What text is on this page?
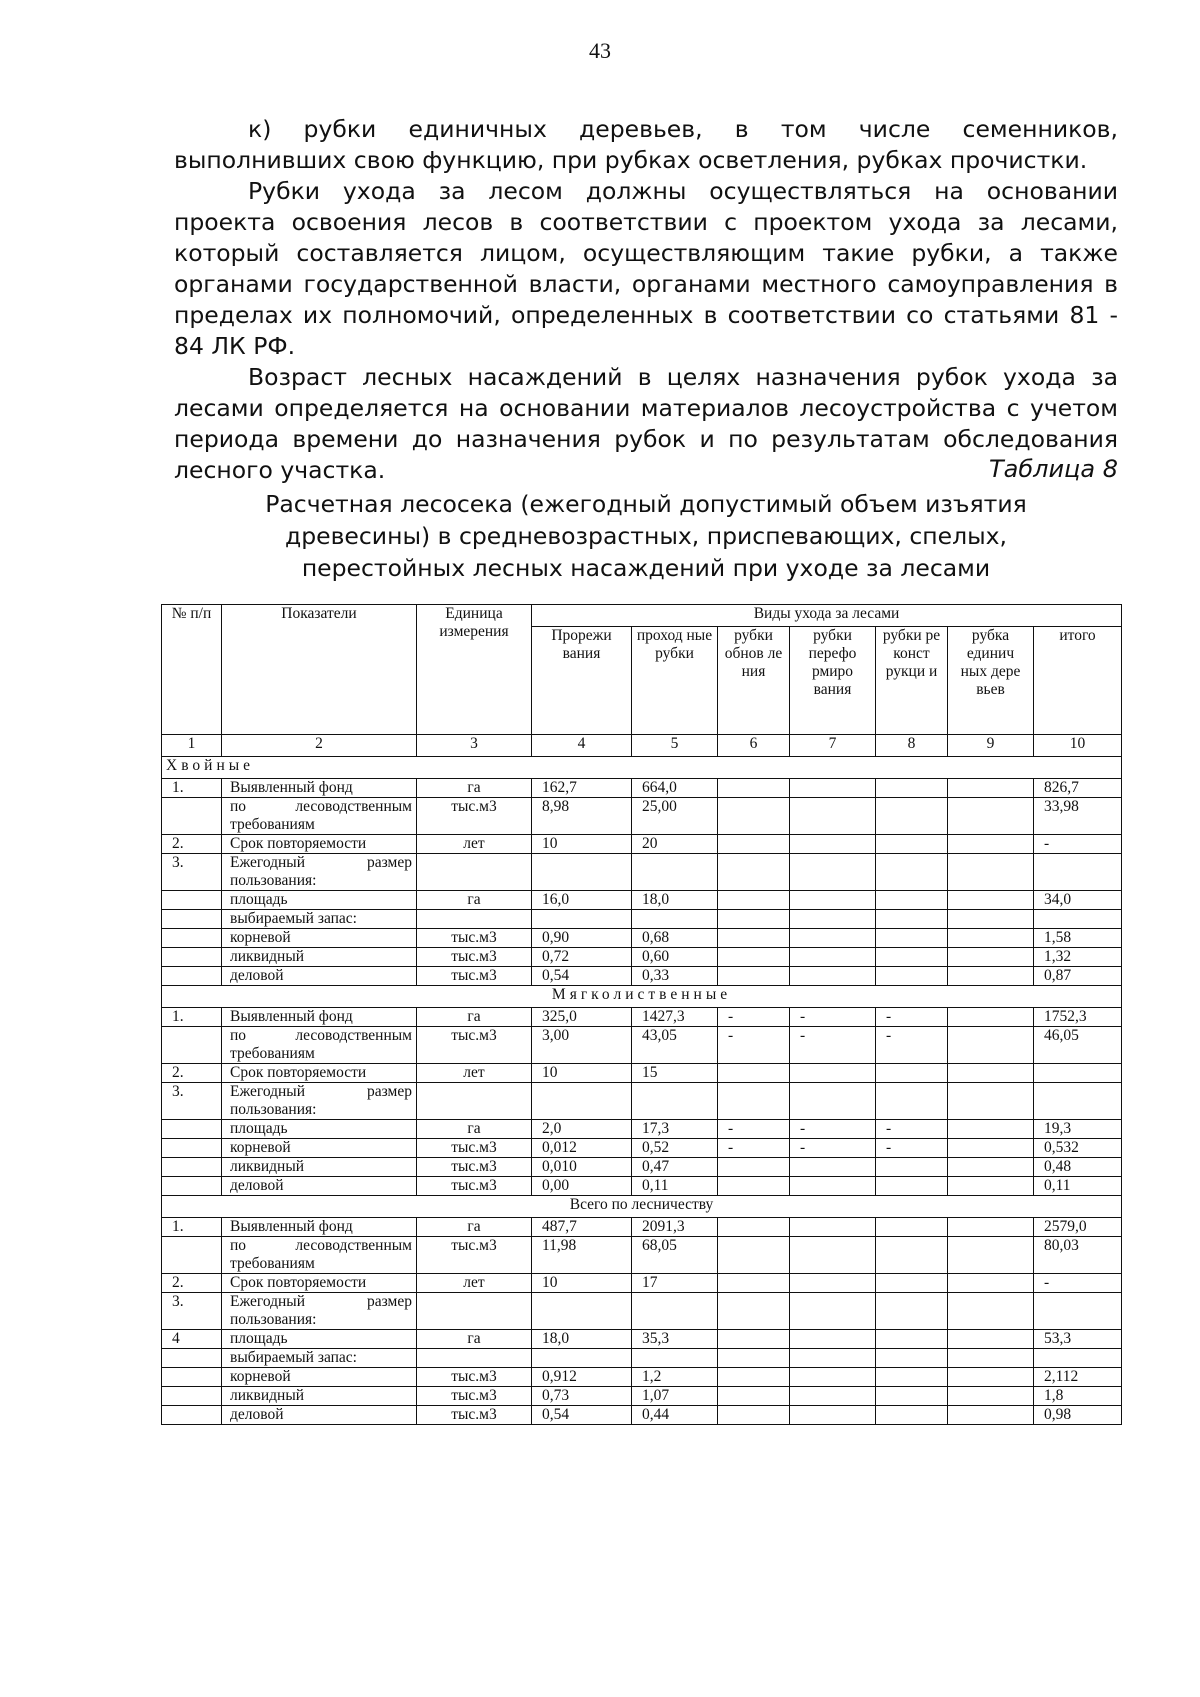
43

к) рубки единичных деревьев, в том числе семенников, выполнивших свою функцию, при рубках осветления, рубках прочистки.

Рубки ухода за лесом должны осуществляться на основании проекта освоения лесов в соответствии с проектом ухода за лесами, который составляется лицом, осуществляющим такие рубки, а также органами государственной власти, органами местного самоуправления в пределах их полномочий, определенных в соответствии со статьями 81 - 84 ЛК РФ.

Возраст лесных насаждений в целях назначения рубок ухода за лесами определяется на основании материалов лесоустройства с учетом периода времени до назначения рубок и по результатам обследования лесного участка.	Таблица 8
Расчетная лесосека (ежегодный допустимый объем изъятия
древесины) в средневозрастных, приспевающих, спелых,
перестойных лесных насаждений при уходе за лесами
№ п/п	Показатели	Единица измерения	Виды ухода за лесами						
			Прорежи вания	проход ные рубки	рубки обнов ле ния	рубки перефо рмиро вания	рубки ре конст рукци и	рубка единич ных дере вьев	итого
1	2	3	4	5	6	7	8	9	10
Хвойные									
1.	Выявленный фонд	га	162,7	664,0					826,7

	по лесоводственным
требованиям	тыс.м3	8,98	25,00					33,98
2.	Срок повторяемости	лет	10	20					-
3.	Ежегодный размер
пользования:								
	площадь	га	16,0	18,0					34,0
	выбираемый запас:								
	корневой	тыс.м3	0,90	0,68					1,58
	ликвидный	тыс.м3	0,72	0,60					1,32
	деловой	тыс.м3	0,54	0,33					0,87
Мягколиственные									
1.	Выявленный фонд	га	325,0	1427,3	-	-	-		1752,3

	по лесоводственным
требованиям	тыс.м3	3,00	43,05	-	-	-		46,05
2.	Срок повторяемости	лет	10	15					
3.	Ежегодный размер
пользования:								
	площадь	га	2,0	17,3	-	-	-		19,3
	корневой	тыс.м3	0,012	0,52	-	-	-		0,532
	ликвидный	тыс.м3	0,010	0,47					0,48
	деловой	тыс.м3	0,00	0,11					0,11
Всего по лесничеству									
1.	Выявленный фонд	га	487,7	2091,3					2579,0

	по лесоводственным
требованиям	тыс.м3	11,98	68,05					80,03
2.	Срок повторяемости	лет	10	17					-
3.	Ежегодный размер
пользования:								
4	площадь	га	18,0	35,3					53,3
	выбираемый запас:								
	корневой	тыс.м3	0,912	1,2					2,112
	ликвидный	тыс.м3	0,73	1,07					1,8
	деловой	тыс.м3	0,54	0,44					0,98
